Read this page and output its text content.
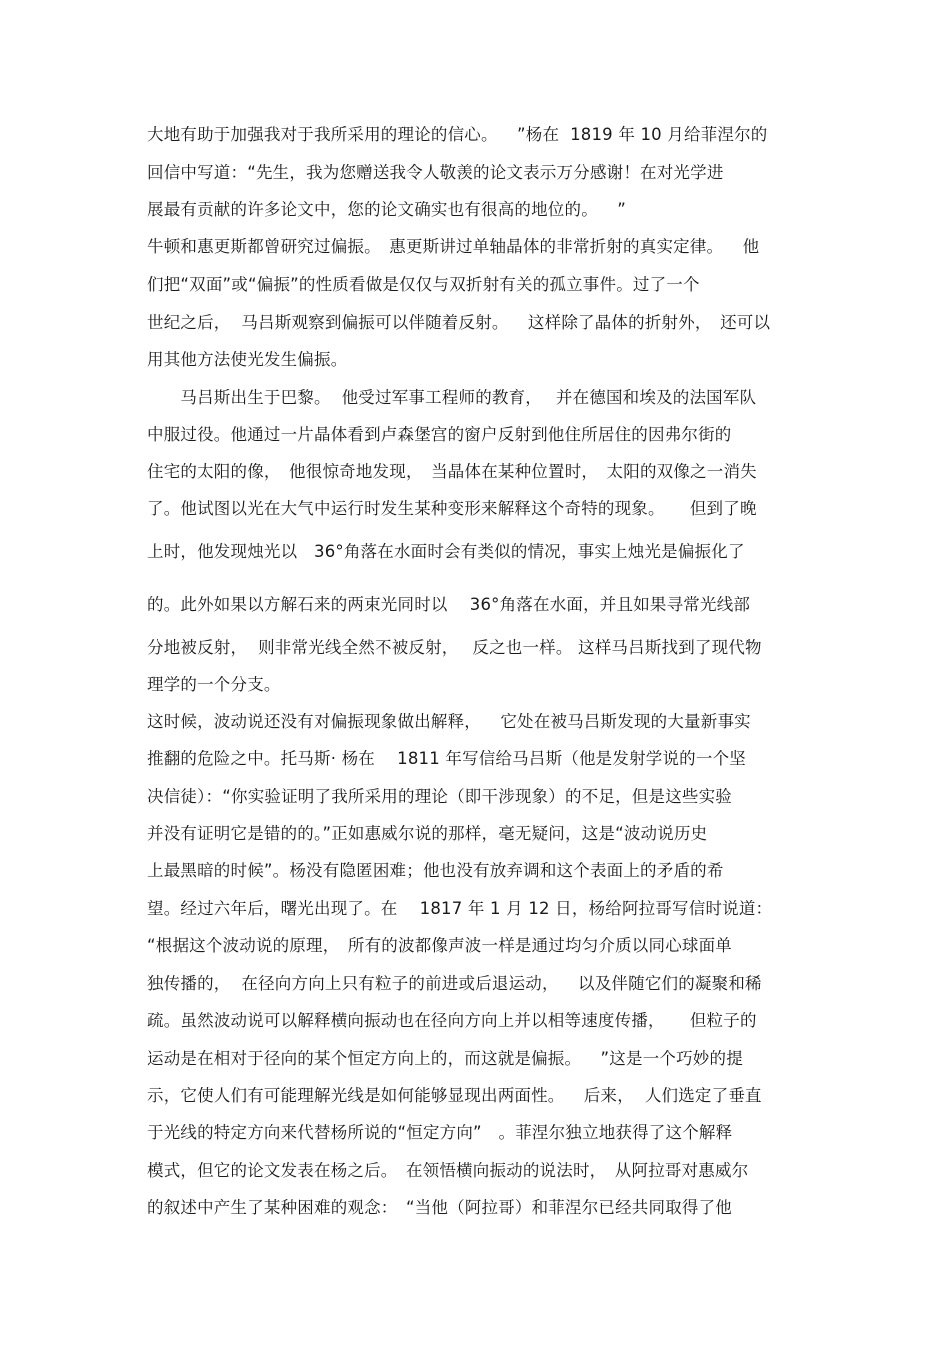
大地有助于加强我对于我所采用的理论的信心。　  ”杨在  1819 年 10 月给菲涅尔的
回信中写道：“先生，我为您赠送我令人敬羡的论文表示万分感谢！在对光学进
展最有贡献的许多论文中，您的论文确实也有很高的地位的。　  ”
牛顿和惠更斯都曾研究过偏振。　惠更斯讲过单轴晶体的非常折射的真实定律。　  他
们把“双面”或“偏振”的性质看做是仅仅与双折射有关的孤立事件。过了一个
世纪之后，  马吕斯观察到偏振可以伴随着反射。　  这样除了晶体的折射外，　还可以
用其他方法使光发生偏振。
　　马吕斯出生于巴黎。  他受过军事工程师的教育，　 并在德国和埃及的法国军队
中服过役。他通过一片晶体看到卢森堡宫的窗户反射到他住所居住的因弗尔街的
住宅的太阳的像，　他很惊奇地发现，　当晶体在某种位置时，　太阳的双像之一消失
了。他试图以光在大气中运行时发生某种变形来解释这个奇特的现象。　　但到了晚
上时，他发现烛光以　36°角落在水面时会有类似的情况，事实上烛光是偏振化了
的。此外如果以方解石来的两束光同时以　 36°角落在水面，并且如果寻常光线部
分地被反射，  则非常光线全然不被反射，　 反之也一样。 这样马吕斯找到了现代物
理学的一个分支。
这时候，波动说还没有对偏振现象做出解释，　  它处在被马吕斯发现的大量新事实
推翻的危险之中。托马斯· 杨在　 1811 年写信给马吕斯（他是发射学说的一个坚
决信徒）：“你实验证明了我所采用的理论（即干涉现象）的不足，但是这些实验
并没有证明它是错的的。”正如惠威尔说的那样，毫无疑问，这是“波动说历史
上最黑暗的时候”。杨没有隐匿困难；他也没有放弃调和这个表面上的矛盾的希
望。经过六年后，曙光出现了。在　 1817 年 1 月 12 日，杨给阿拉哥写信时说道：
“根据这个波动说的原理，　所有的波都像声波一样是通过均匀介质以同心球面单
独传播的，  在径向方向上只有粒子的前进或后退运动，　  以及伴随它们的凝聚和稀
疏。虽然波动说可以解释横向振动也在径向方向上并以相等速度传播，　　但粒子的
运动是在相对于径向的某个恒定方向上的，而这就是偏振。　  ”这是一个巧妙的提
示，它使人们有可能理解光线是如何能够显现出两面性。　  后来，  人们选定了垂直
于光线的特定方向来代替杨所说的“恒定方向”　。菲涅尔独立地获得了这个解释
模式，但它的论文发表在杨之后。　在领悟横向振动的说法时，　从阿拉哥对惠威尔
的叙述中产生了某种困难的观念：　“当他（阿拉哥）和菲涅尔已经共同取得了他
